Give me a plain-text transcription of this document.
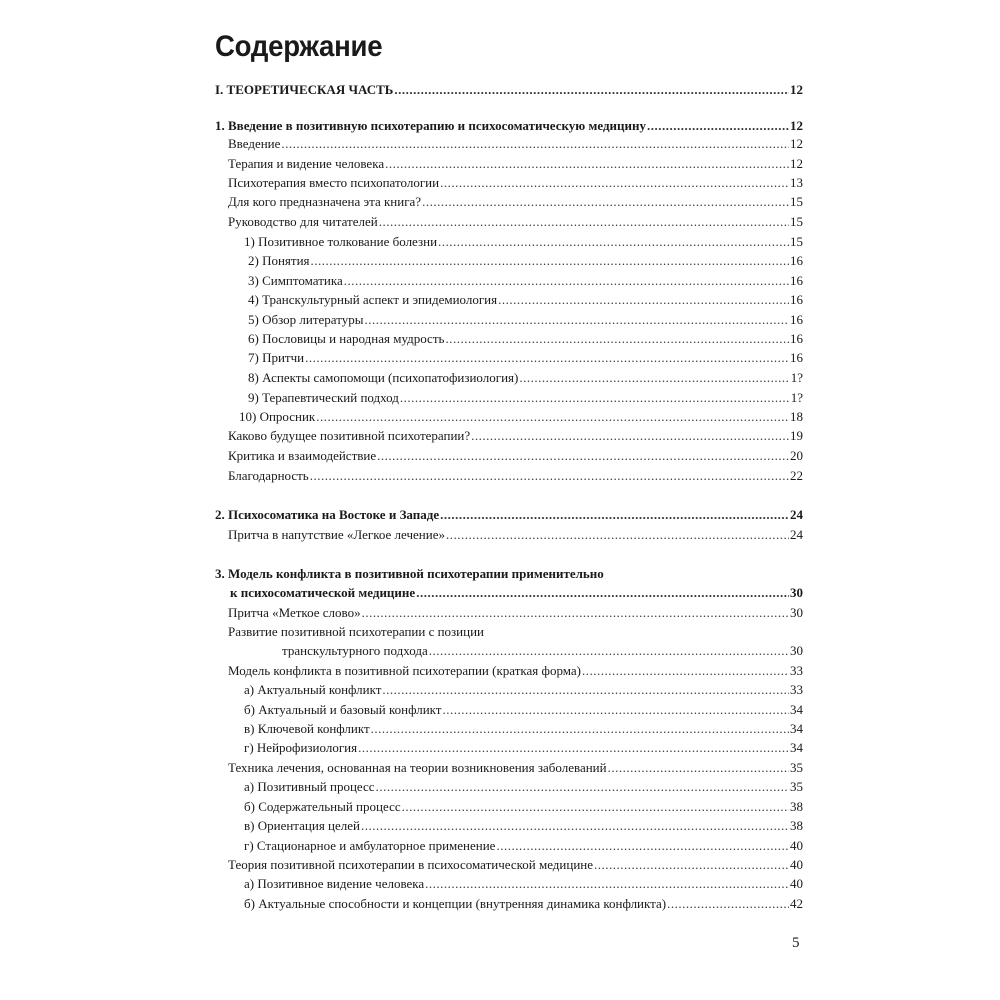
Содержание
I. ТЕОРЕТИЧЕСКАЯ ЧАСТЬ .....	12
1. Введение в позитивную психотерапию и психосоматическую медицину .....	12
Введение .....	12
Терапия и видение человека .....	12
Психотерапия вместо психопатологии .....	13
Для кого предназначена эта книга? .....	15
Руководство для читателей .....	15
1) Позитивное толкование болезни .....	15
2) Понятия .....	16
3) Симптоматика .....	16
4) Транскультурный аспект и эпидемиология .....	16
5) Обзор литературы .....	16
6) Пословицы и народная мудрость .....	16
7) Притчи .....	16
8) Аспекты самопомощи (психопатофизиология) .....	1?
9) Терапевтический подход .....	1?
10) Опросник .....	18
Каково будущее позитивной психотерапии? .....	19
Критика и взаимодействие .....	20
Благодарность .....	22
2. Психосоматика на Востоке и Западе .....	24
Притча в напутствие «Легкое лечение» .....	24
3. Модель конфликта в позитивной психотерапии применительно
к психосоматической медицине .....	30
Притча «Меткое слово» .....	30
Развитие позитивной психотерапии с позиции
транскультурного подхода .....	30
Модель конфликта в позитивной психотерапии (краткая форма) .....	33
а) Актуальный конфликт .....	33
б) Актуальный и базовый конфликт .....	34
в) Ключевой конфликт .....	34
г) Нейрофизиология .....	34
Техника лечения, основанная на теории возникновения заболеваний .....	35
а) Позитивный процесс .....	35
б) Содержательный процесс .....	38
в) Ориентация целей .....	38
г) Стационарное и амбулаторное применение .....	40
Теория позитивной психотерапии в психосоматической медицине .....	40
а) Позитивное видение человека .....	40
б) Актуальные способности и концепции (внутренняя динамика конфликта) .....	42
5
